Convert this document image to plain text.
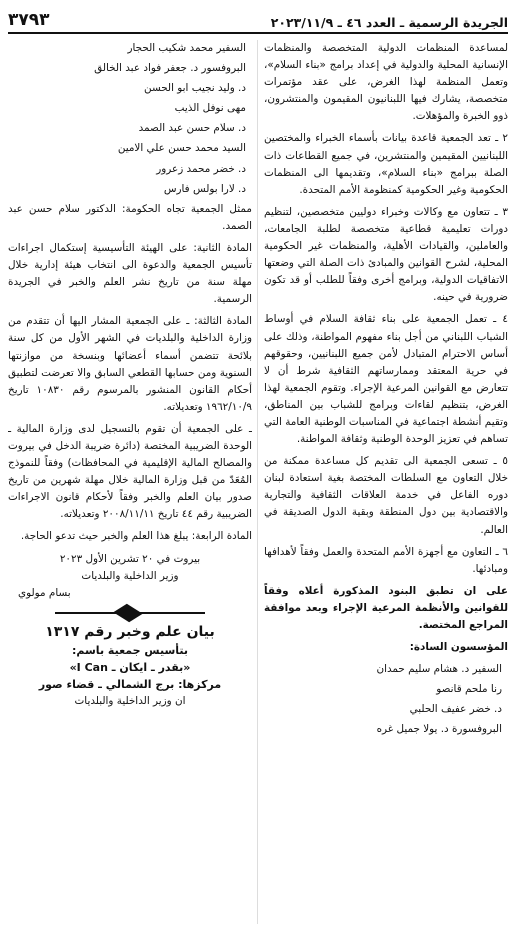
الجريدة الرسمية ـ العدد ٤٦ ـ ٢٠٢٣/١١/٩
٣٧٩٣

لمساعدة المنظمات الدولية المتخصصة والمنظمات الإنسانية المحلية والدولية في إعداد برامج «بناء السلام»، وتعمل المنظمة لهذا الغرض، على عقد مؤتمرات متخصصة، يشارك فيها اللبنانيون المقيمون والمنتشرون، ذوو الخبرة والمؤهلات.

٢ ـ تعد الجمعية قاعدة بيانات بأسماء الخبراء والمختصين اللبنانيين المقيمين والمنتشرين، في جميع القطاعات ذات الصلة ببرامج «بناء السلام»، وتقديمها الى المنظمات الحكومية وغير الحكومية كمنظومة الأمم المتحدة.

٣ ـ تتعاون مع وكالات وخبراء دوليين متخصصين، لتنظيم دورات تعليمية قطاعية متخصصة لطلبة الجامعات، والعاملين، والقيادات الأهلية، والمنظمات غير الحكومية المحلية، لشرح القوانين والمبادئ ذات الصلة التي وضعتها الاتفاقيات الدولية، وبرامج أخرى وفقاً للطلب أو قد تكون ضرورية في حينه.

٤ ـ تعمل الجمعية على بناء ثقافة السلام في أوساط الشباب اللبناني من أجل بناء مفهوم المواطنة، وذلك على أساس الاحترام المتبادل لأمن جميع اللبنانيين، وحقوقهم في حرية المعتقد وممارساتهم الثقافية شرط أن لا تتعارض مع القوانين المرعية الإجراء. وتقوم الجمعية لهذا الغرض، بتنظيم لقاءات وبرامج للشباب بين المناطق، وتقيم أنشطة اجتماعية في المناسبات الوطنية العامة التي تساهم في تعزيز الوحدة الوطنية وثقافة المواطنة.

٥ ـ تسعى الجمعية الى تقديم كل مساعدة ممكنة من خلال التعاون مع السلطات المختصة بغية استعادة لبنان دوره الفاعل في خدمة العلاقات الثقافية والتجارية والاقتصادية بين دول المنطقة وبقية الدول الصديقة في العالم.

٦ ـ التعاون مع أجهزة الأمم المتحدة والعمل وفقاً لأهدافها ومبادئها.

على ان تطبق البنود المذكورة أعلاه وفقاً للقوانين والأنظمة المرعية الإجراء وبعد موافقة المراجع المختصة.

المؤسسون السادة:

السفير د. هشام سليم حمدان
رنا ملحم قانصو
د. خضر عفيف الحلبي
البروفسورة د. يولا جميل غره
السفير محمد شكيب الحجار
البروفسور د. جعفر فواد عبد الخالق
د. وليد نجيب ابو الحسن
مهى نوفل الذيب
د. سلام حسن عبد الصمد
السيد محمد حسن علي الامين
د. خضر محمد زعرور
د. لارا بولس فارس

ممثل الجمعية تجاه الحكومة: الدكتور سلام حسن عبد الصمد.

المادة الثانية: على الهيئة التأسيسية إستكمال اجراءات تأسيس الجمعية والدعوة الى انتخاب هيئة إدارية خلال مهلة سنة من تاريخ نشر العلم والخبر في الجريدة الرسمية.

المادة الثالثة: ـ على الجمعية المشار اليها أن تتقدم من وزارة الداخلية والبلديات في الشهر الأول من كل سنة بلائحة تتضمن أسماء أعضائها وبنسخة من موازنتها السنوية ومن حسابها القطعي السابق والا تعرضت لتطبيق أحكام القانون المنشور بالمرسوم رقم ١٠٨٣٠ تاريخ ١٩٦٢/١٠/٩ وتعديلاته.

ـ على الجمعية أن تقوم بالتسجيل لدى وزارة المالية ـ الوحدة الضريبية المختصة (دائرة ضريبة الدخل في بيروت والمصالح المالية الإقليمية في المحافظات) وفقاً للنموذج المُعَدّ من قبل وزارة المالية خلال مهلة شهرين من تاريخ صدور بيان العلم والخبر وفقاً لأحكام قانون الاجراءات الضريبية رقم ٤٤ تاريخ ٢٠٠٨/١١/١١ وتعديلاته.

المادة الرابعة: يبلغ هذا العلم والخبر حيث تدعو الحاجة.

بيروت في ٢٠ تشرين الأول ٢٠٢٣
وزير الداخلية والبلديات
بسام مولوي
بيان علم وخبر رقم ١٣١٧
بتأسيس جمعية باسم:
«بقدر ـ ايكان ـ I Can»
مركزها: برج الشمالي ـ قضاء صور
ان وزير الداخلية والبلديات
